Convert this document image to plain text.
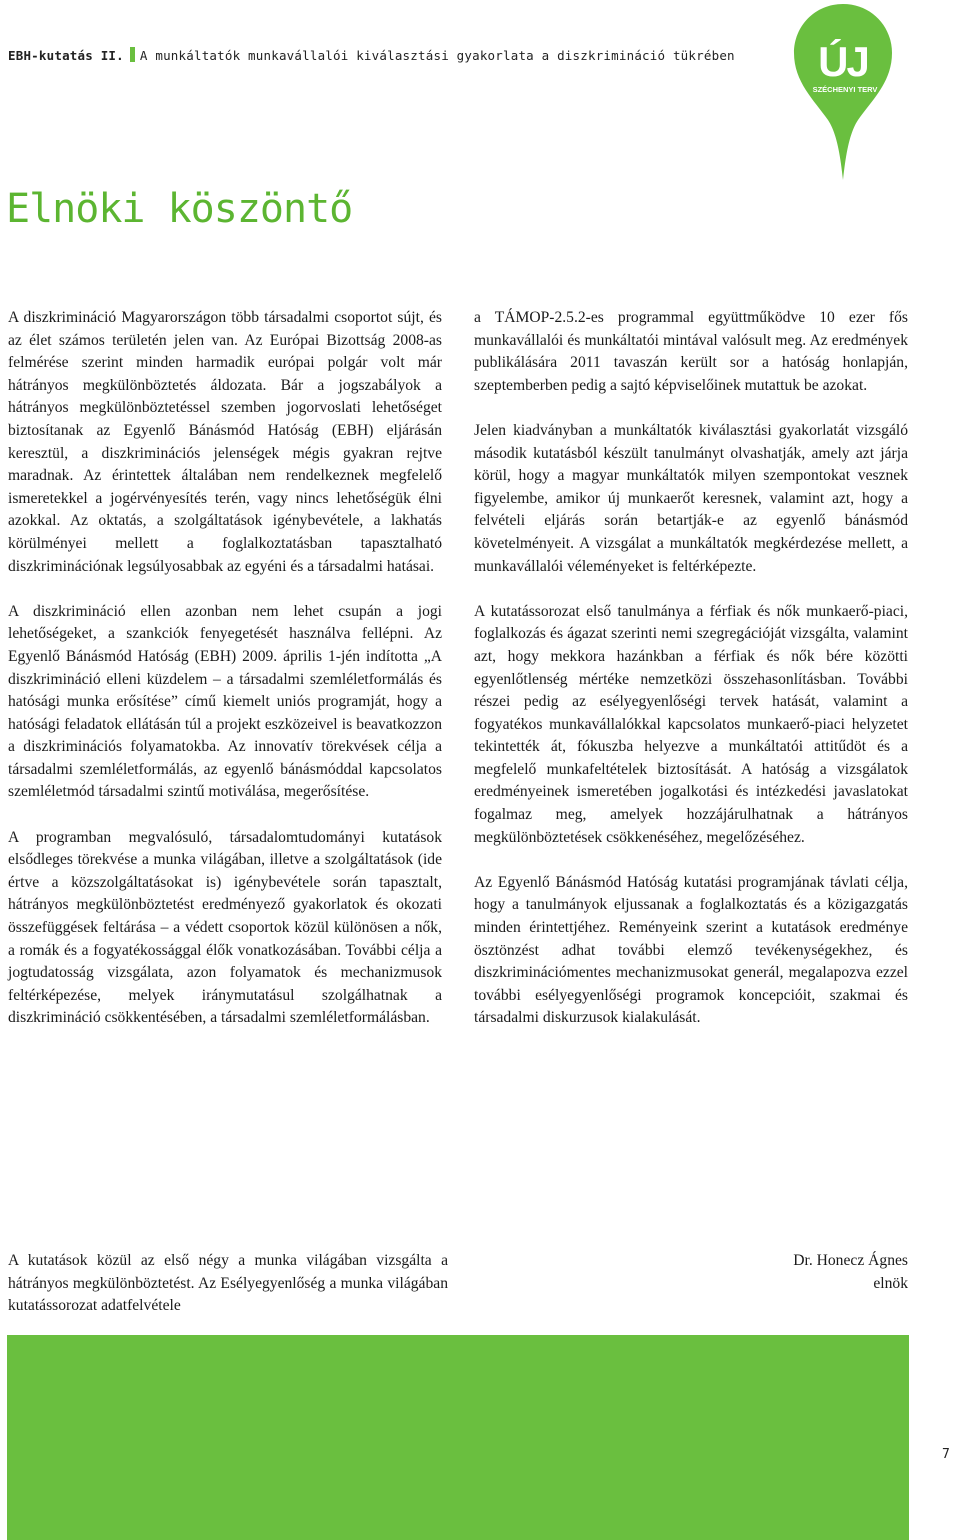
EBH-kutatás II. A munkáltatók munkavállalói kiválasztási gyakorlata a diszkrimináció tükrében ÚJ
SZÉCHENYI TERV
Elnöki köszöntő

A diszkrimináció Magyarországon több társadalmi csoportot sújt, és az élet számos területén jelen van. Az Európai Bizottság 2008-as felmérése szerint minden harmadik európai polgár volt már hátrányos megkülönböztetés áldozata. Bár a jogszabályok a hátrányos megkülönböztetéssel szemben jogorvoslati lehetőséget biztosítanak az Egyenlő Bánásmód Hatóság (EBH) eljárásán keresztül, a diszkriminációs jelenségek mégis gyakran rejtve maradnak. Az érintettek általában nem rendelkeznek megfelelő ismeretekkel a jogérvényesítés terén, vagy nincs lehetőségük élni azokkal. Az oktatás, a szolgáltatások igénybevétele, a lakhatás körülményei mellett a foglalkoztatásban tapasztalható diszkriminációnak legsúlyosabbak az egyéni és a társadalmi hatásai.

A diszkrimináció ellen azonban nem lehet csupán a jogi lehetőségeket, a szankciók fenyegetését használva fellépni. Az Egyenlő Bánásmód Hatóság (EBH) 2009. április 1-jén indította „A diszkrimináció elleni küzdelem – a társadalmi szemléletformálás és hatósági munka erősítése” című kiemelt uniós programját, hogy a hatósági feladatok ellátásán túl a projekt eszközeivel is beavatkozzon a diszkriminációs folyamatokba. Az innovatív törekvések célja a társadalmi szemléletformálás, az egyenlő bánásmóddal kapcsolatos szemléletmód társadalmi szintű motiválása, megerősítése.

A programban megvalósuló, társadalomtudományi kutatások elsődleges törekvése a munka világában, illetve a szolgáltatások (ide értve a közszolgáltatásokat is) igénybevétele során tapasztalt, hátrányos megkülönböztetést eredményező gyakorlatok és okozati összefüggések feltárása – a védett csoportok közül különösen a nők, a romák és a fogyatékossággal élők vonatkozásában. További célja a jogtudatosság vizsgálata, azon folyamatok és mechanizmusok feltérképezése, melyek iránymutatásul szolgálhatnak a diszkrimináció csökkentésében, a társadalmi szemléletformálásban.

a TÁMOP-2.5.2-es programmal együttműködve 10 ezer fős munkavállalói és munkáltatói mintával valósult meg. Az eredmények publikálására 2011 tavaszán került sor a hatóság honlapján, szeptemberben pedig a sajtó képviselőinek mutattuk be azokat.

Jelen kiadványban a munkáltatók kiválasztási gyakorlatát vizsgáló második kutatásból készült tanulmányt olvashatják, amely azt járja körül, hogy a magyar munkáltatók milyen szempontokat vesznek figyelembe, amikor új munkaerőt keresnek, valamint azt, hogy a felvételi eljárás során betartják-e az egyenlő bánásmód követelményeit. A vizsgálat a munkáltatók megkérdezése mellett, a munkavállalói véleményeket is feltérképezte.

A kutatássorozat első tanulmánya a férfiak és nők munkaerő-piaci, foglalkozás és ágazat szerinti nemi szegregációját vizsgálta, valamint azt, hogy mekkora hazánkban a férfiak és nők bére közötti egyenlőtlenség mértéke nemzetközi összehasonlításban. További részei pedig az esélyegyenlőségi tervek hatását, valamint a fogyatékos munkavállalókkal kapcsolatos munkaerő-piaci helyzetet tekintették át, fókuszba helyezve a munkáltatói attitűdöt és a megfelelő munkafeltételek biztosítását. A hatóság a vizsgálatok eredményeinek ismeretében jogalkotási és intézkedési javaslatokat fogalmaz meg, amelyek hozzájárulhatnak a hátrányos megkülönböztetések csökkenéséhez, megelőzéséhez.

Az Egyenlő Bánásmód Hatóság kutatási programjának távlati célja, hogy a tanulmányok eljussanak a foglalkoztatás és a közigazgatás minden érintettjéhez. Reményeink szerint a kutatások eredménye ösztönzést adhat további elemző tevékenységekhez, és diszkriminációmentes mechanizmusokat generál, megalapozva ezzel további esélyegyenlőségi programok koncepcióit, szakmai és társadalmi diskurzusok kialakulását.

A kutatások közül az első négy a munka világában vizsgálta a hátrányos megkülönböztetést. Az Esélyegyenlőség a munka világában kutatássorozat adatfelvétele

Dr. Honecz Ágnes
elnök
7
